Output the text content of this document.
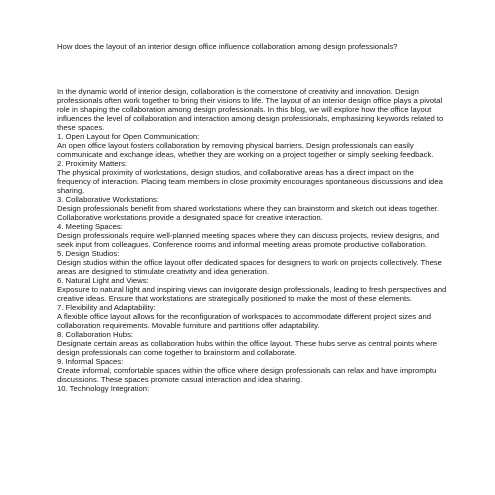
How does the layout of an interior design office influence collaboration among design professionals?

In the dynamic world of interior design, collaboration is the cornerstone of creativity and innovation. Design professionals often work together to bring their visions to life. The layout of an interior design office plays a pivotal role in shaping the collaboration among design professionals. In this blog, we will explore how the office layout influences the level of collaboration and interaction among design professionals, emphasizing keywords related to these spaces.

1. Open Layout for Open Communication:

An open office layout fosters collaboration by removing physical barriers. Design professionals can easily communicate and exchange ideas, whether they are working on a project together or simply seeking feedback.

2. Proximity Matters:

The physical proximity of workstations, design studios, and collaborative areas has a direct impact on the frequency of interaction. Placing team members in close proximity encourages spontaneous discussions and idea sharing.

3. Collaborative Workstations:

Design professionals benefit from shared workstations where they can brainstorm and sketch out ideas together. Collaborative workstations provide a designated space for creative interaction.

4. Meeting Spaces:

Design professionals require well-planned meeting spaces where they can discuss projects, review designs, and seek input from colleagues. Conference rooms and informal meeting areas promote productive collaboration.

5. Design Studios:

Design studios within the office layout offer dedicated spaces for designers to work on projects collectively. These areas are designed to stimulate creativity and idea generation.

6. Natural Light and Views:

Exposure to natural light and inspiring views can invigorate design professionals, leading to fresh perspectives and creative ideas. Ensure that workstations are strategically positioned to make the most of these elements.

7. Flexibility and Adaptability:

A flexible office layout allows for the reconfiguration of workspaces to accommodate different project sizes and collaboration requirements. Movable furniture and partitions offer adaptability.

8. Collaboration Hubs:

Designate certain areas as collaboration hubs within the office layout. These hubs serve as central points where design professionals can come together to brainstorm and collaborate.

9. Informal Spaces:

Create informal, comfortable spaces within the office where design professionals can relax and have impromptu discussions. These spaces promote casual interaction and idea sharing.

10. Technology Integration:
